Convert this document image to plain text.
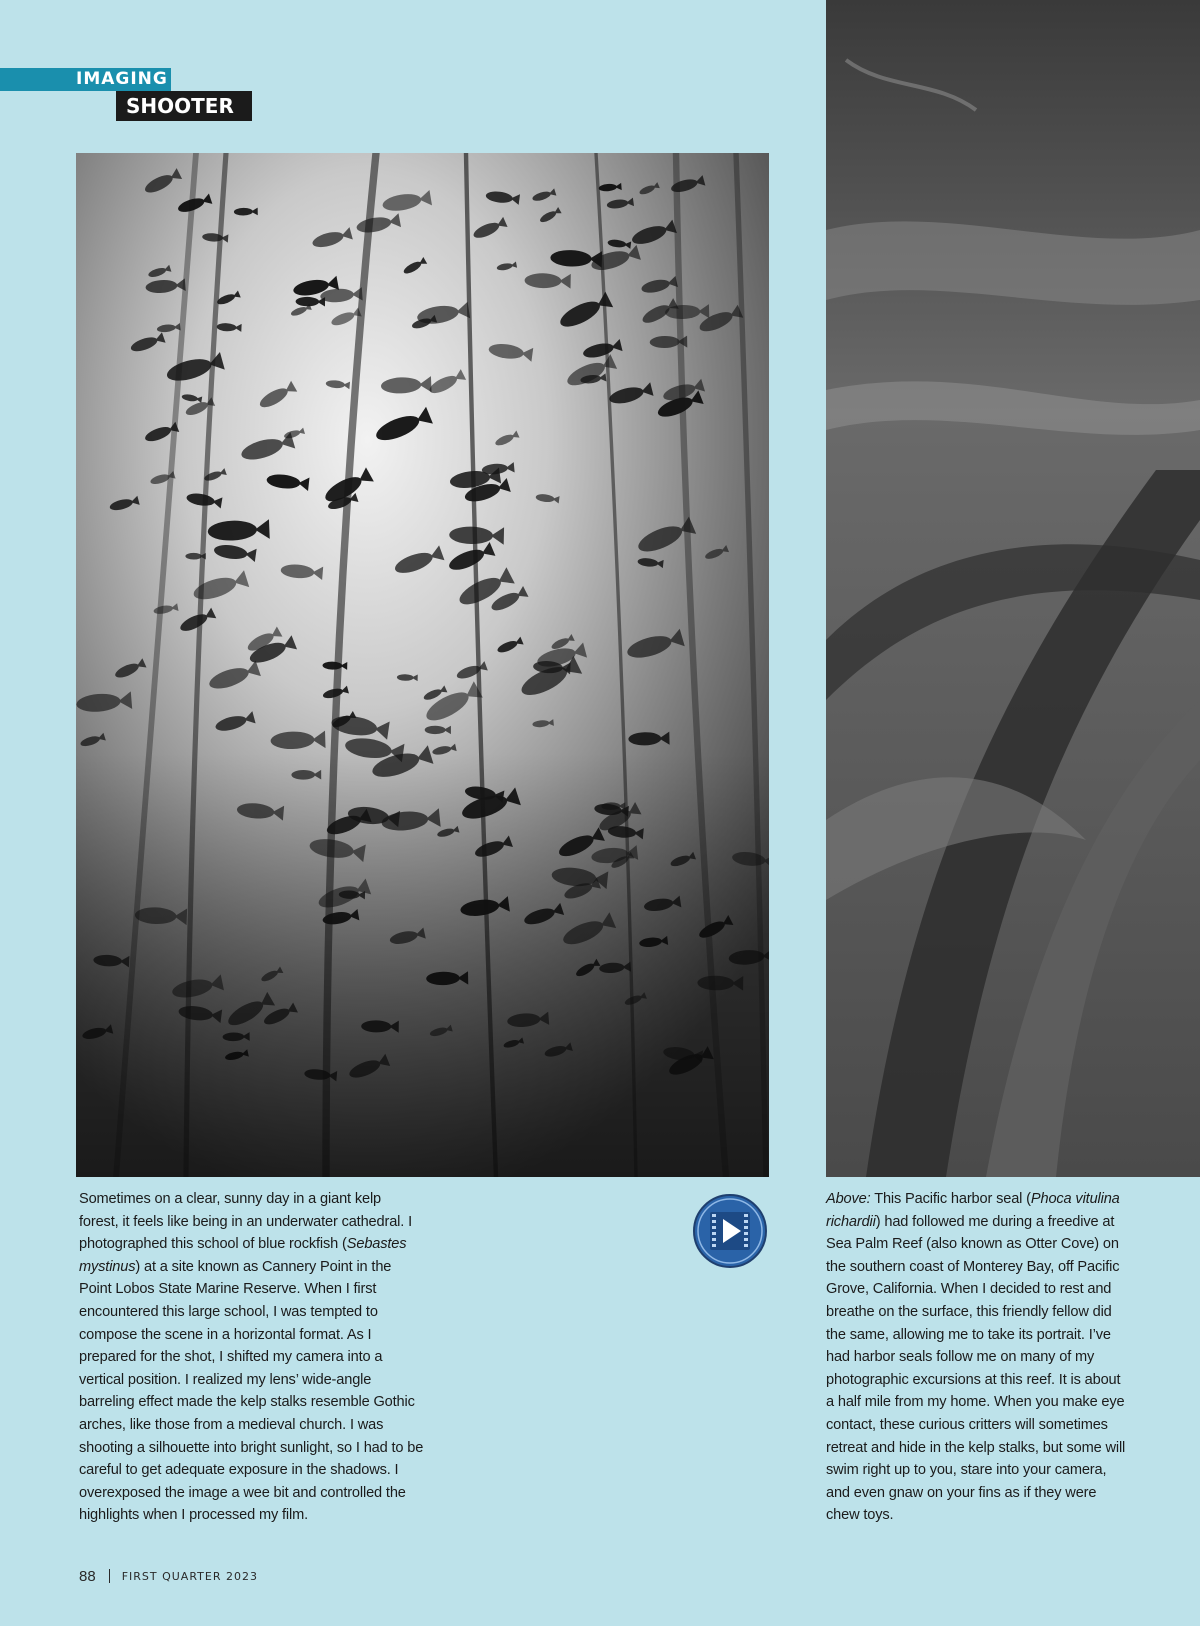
IMAGING
SHOOTER
Sometimes on a clear, sunny day in a giant kelp forest, it feels like being in an underwater cathedral. I photographed this school of blue rockfish (Sebastes mystinus) at a site known as Cannery Point in the Point Lobos State Marine Reserve. When I first encountered this large school, I was tempted to compose the scene in a horizontal format. As I prepared for the shot, I shifted my camera into a vertical position. I realized my lens’ wide-angle barreling effect made the kelp stalks resemble Gothic arches, like those from a medieval church. I was shooting a silhouette into bright sunlight, so I had to be careful to get adequate exposure in the shadows. I overexposed the image a wee bit and controlled the highlights when I processed my film.
Above: This Pacific harbor seal (Phoca vitulina richardii) had followed me during a freedive at Sea Palm Reef (also known as Otter Cove) on the southern coast of Monterey Bay, off Pacific Grove, California. When I decided to rest and breathe on the surface, this friendly fellow did the same, allowing me to take its portrait. I’ve had harbor seals follow me on many of my photographic excursions at this reef. It is about a half mile from my home. When you make eye contact, these curious critters will sometimes retreat and hide in the kelp stalks, but some will swim right up to you, stare into your camera, and even gnaw on your fins as if they were chew toys.
88 FIRST QUARTER 2023
